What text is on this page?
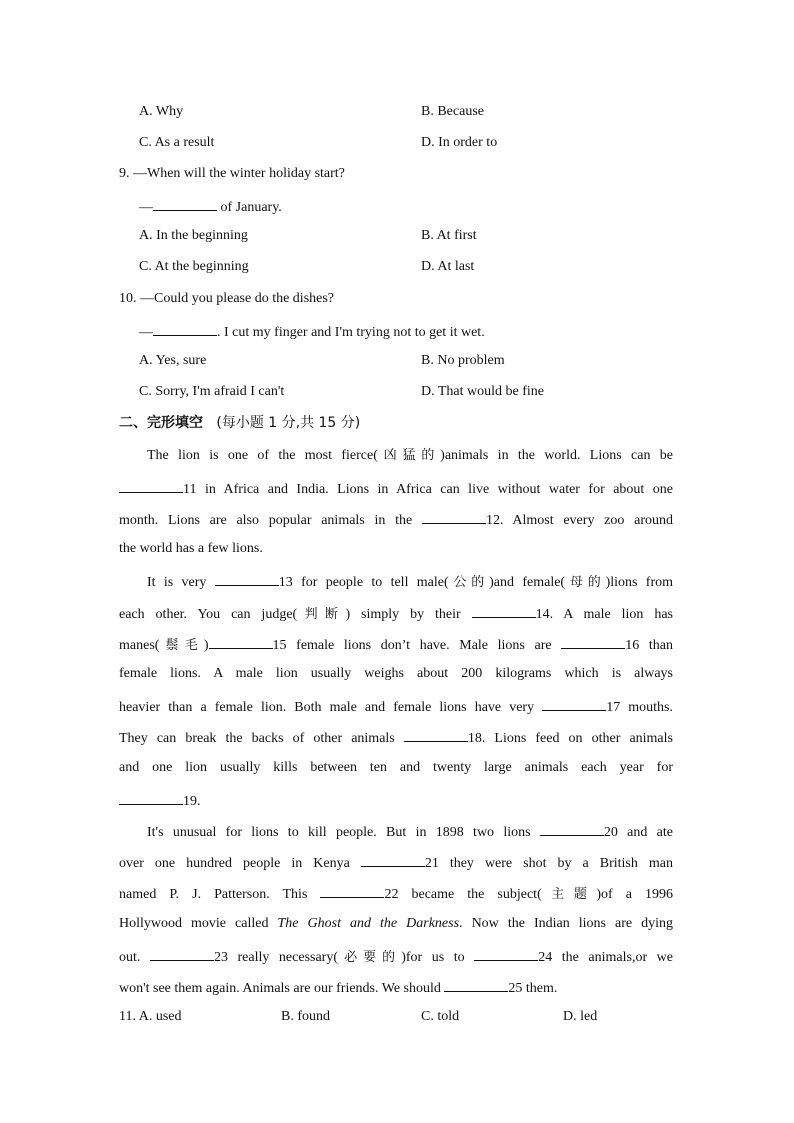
A. Why	B. Because
C. As a result	D. In order to
9. —When will the winter holiday start?
—	of January.
A. In the beginning	B. At first
C. At the beginning	D. At last
10. —Could you please do the dishes?
—	. I cut my finger and I'm trying not to get it wet.
A. Yes, sure	B. No problem
C. Sorry, I'm afraid I can't	D. That would be fine
二、完形填空 (每小题 1 分,共 15 分)
The lion is one of the most fierce(凶猛的)animals in the world. Lions can be
11 in Africa and India. Lions in Africa can live without water for about one
month. Lions are also popular animals in the	12. Almost every zoo around
the world has a few lions.
It is very	13 for people to tell male(公的)and female(母的)lions from
each other. You can judge(判断) simply by their	14. A male lion has
manes(鬃毛)	15 female lions don’t have. Male lions are	16 than
female lions. A male lion usually weighs about 200 kilograms which is always
heavier than a female lion. Both male and female lions have very	17 mouths.
They can break the backs of other animals	18. Lions feed on other animals
and one lion usually kills between ten and twenty large animals each year for
19.
It's unusual for lions to kill people. But in 1898 two lions	20 and ate
over one hundred people in Kenya	21 they were shot by a British man
named P. J. Patterson. This	22 became the subject(主题)of a 1996
Hollywood movie called The Ghost and the Darkness. Now the Indian lions are dying
out.	23 really necessary(必要的)for us to	24 the animals,or we
won't see them again. Animals are our friends. We should	25 them.
11. A. used	B. found	C. told	D. led
